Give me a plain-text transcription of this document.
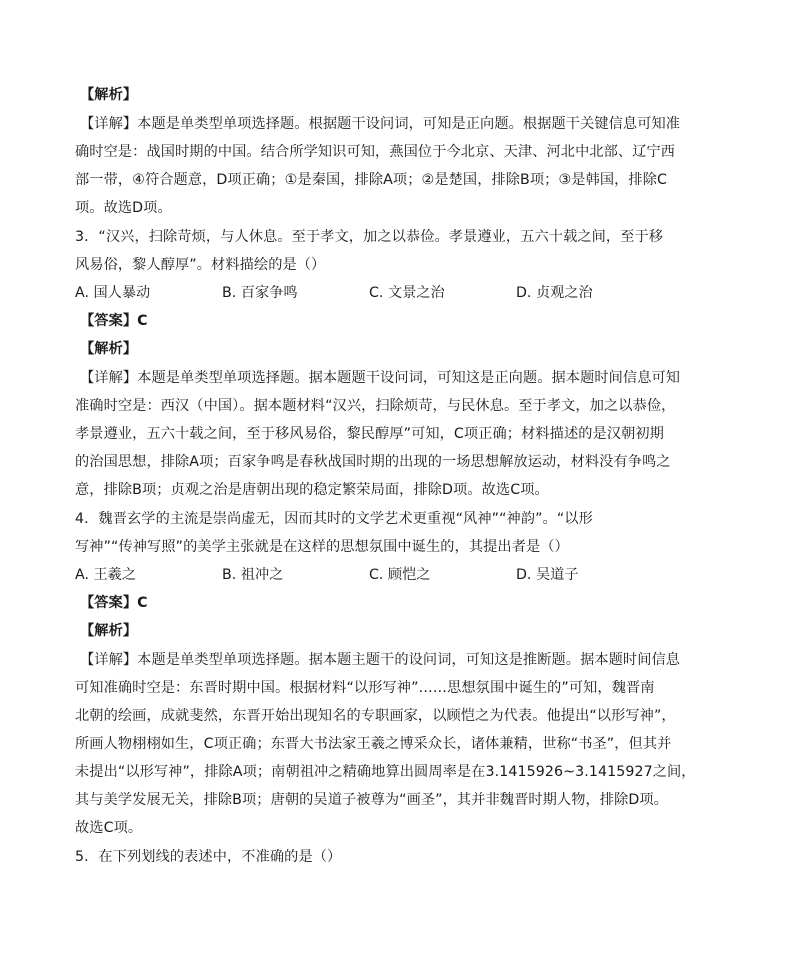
【解析】
【详解】本题是单类型单项选择题。根据题干设问词，可知是正向题。根据题干关键信息可知准
确时空是：战国时期的中国。结合所学知识可知，燕国位于今北京、天津、河北中北部、辽宁西
部一带，④符合题意，D项正确；①是秦国，排除A项；②是楚国，排除B项；③是韩国，排除C
项。故选D项。
3．“汉兴，扫除苛烦，与人休息。至于孝文，加之以恭俭。孝景遵业，五六十载之间，至于移
风易俗，黎人醇厚”。材料描绘的是（）
【答案】C
【解析】
【详解】本题是单类型单项选择题。据本题题干设问词，可知这是正向题。据本题时间信息可知
准确时空是：西汉（中国）。据本题材料“汉兴，扫除烦苛，与民休息。至于孝文，加之以恭俭，
孝景遵业，五六十载之间，至于移风易俗，黎民醇厚”可知，C项正确；材料描述的是汉朝初期
的治国思想，排除A项；百家争鸣是春秋战国时期的出现的一场思想解放运动，材料没有争鸣之
意，排除B项；贞观之治是唐朝出现的稳定繁荣局面，排除D项。故选C项。
4．魏晋玄学的主流是崇尚虚无，因而其时的文学艺术更重视“风神”“神韵”。“以形
写神”“传神写照”的美学主张就是在这样的思想氛围中诞生的，其提出者是（）
【答案】C
【解析】
【详解】本题是单类型单项选择题。据本题主题干的设问词，可知这是推断题。据本题时间信息
可知准确时空是：东晋时期中国。根据材料“以形写神”……思想氛围中诞生的”可知，魏晋南
北朝的绘画，成就斐然，东晋开始出现知名的专职画家，以顾恺之为代表。他提出“以形写神”，
所画人物栩栩如生，C项正确；东晋大书法家王羲之博采众长，诸体兼精，世称“书圣”，但其并
未提出“以形写神”，排除A项；南朝祖冲之精确地算出圆周率是在3.1415926~3.1415927之间，
其与美学发展无关，排除B项；唐朝的吴道子被尊为“画圣”，其并非魏晋时期人物，排除D项。
故选C项。
5．在下列划线的表述中，不准确的是（）
A. 国人暴动	B. 百家争鸣	C. 文景之治	D. 贞观之治
A. 王羲之	B. 祖冲之	C. 顾恺之	D. 吴道子
